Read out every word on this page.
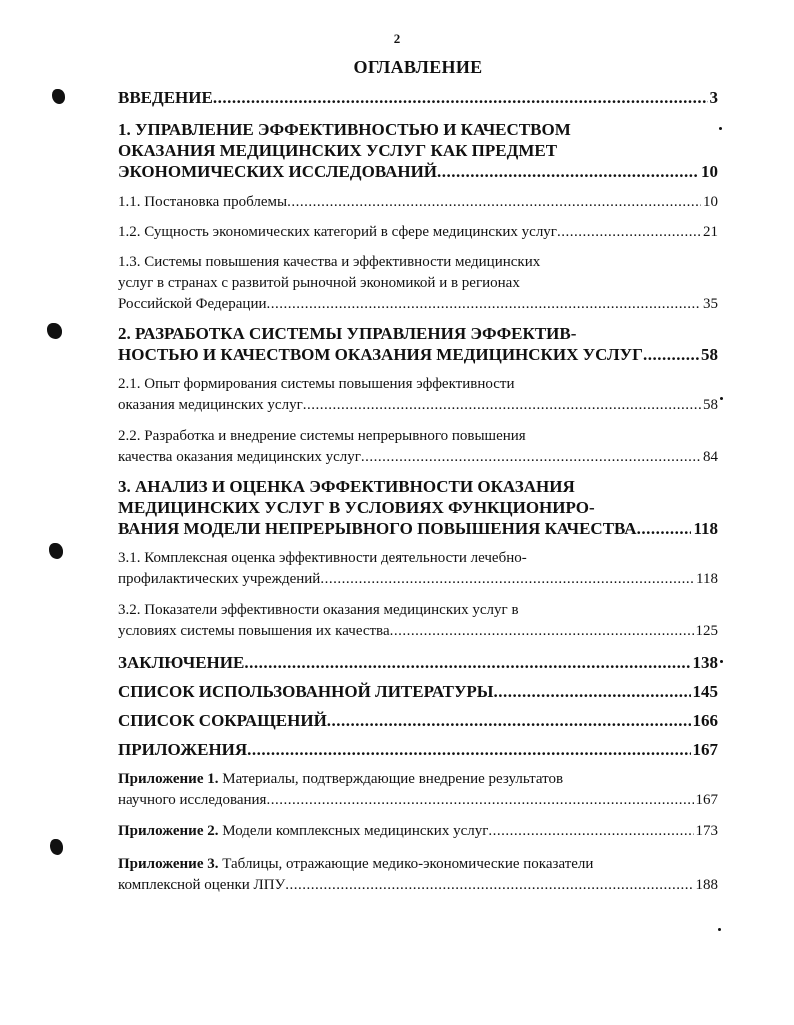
2
ОГЛАВЛЕНИЕ
ВВЕДЕНИЕ .....	3
1. УПРАВЛЕНИЕ ЭФФЕКТИВНОСТЬЮ И КАЧЕСТВОМ
ОКАЗАНИЯ МЕДИЦИНСКИХ УСЛУГ КАК ПРЕДМЕТ
ЭКОНОМИЧЕСКИХ ИССЛЕДОВАНИЙ .....	10
1.1. Постановка проблемы .....	10
1.2. Сущность экономических категорий в сфере медицинских услуг .....	21
1.3. Системы повышения качества и эффективности медицинских
услуг в странах с развитой рыночной экономикой и в регионах
Российской Федерации .....	35
2. РАЗРАБОТКА СИСТЕМЫ УПРАВЛЕНИЯ ЭФФЕКТИВ-
НОСТЬЮ И КАЧЕСТВОМ ОКАЗАНИЯ МЕДИЦИНСКИХ УСЛУГ .....	58
2.1. Опыт формирования системы повышения эффективности
оказания медицинских услуг .....	58
2.2. Разработка и внедрение системы непрерывного повышения
качества оказания медицинских услуг .....	84
3. АНАЛИЗ И ОЦЕНКА ЭФФЕКТИВНОСТИ ОКАЗАНИЯ
МЕДИЦИНСКИХ УСЛУГ В УСЛОВИЯХ ФУНКЦИОНИРО-
ВАНИЯ МОДЕЛИ НЕПРЕРЫВНОГО ПОВЫШЕНИЯ КАЧЕСТВА .....	118
3.1. Комплексная оценка эффективности деятельности лечебно-
профилактических учреждений .....	118
3.2. Показатели эффективности оказания медицинских услуг в
условиях системы повышения их качества .....	125
ЗАКЛЮЧЕНИЕ .....	138
СПИСОК ИСПОЛЬЗОВАННОЙ ЛИТЕРАТУРЫ .....	145
СПИСОК СОКРАЩЕНИЙ .....	166
ПРИЛОЖЕНИЯ .....	167
Приложение 1. Материалы, подтверждающие внедрение результатов
научного исследования .....	167
Приложение 2. Модели комплексных медицинских услуг .....	173
Приложение 3. Таблицы, отражающие медико-экономические показатели
комплексной оценки ЛПУ .....	188
